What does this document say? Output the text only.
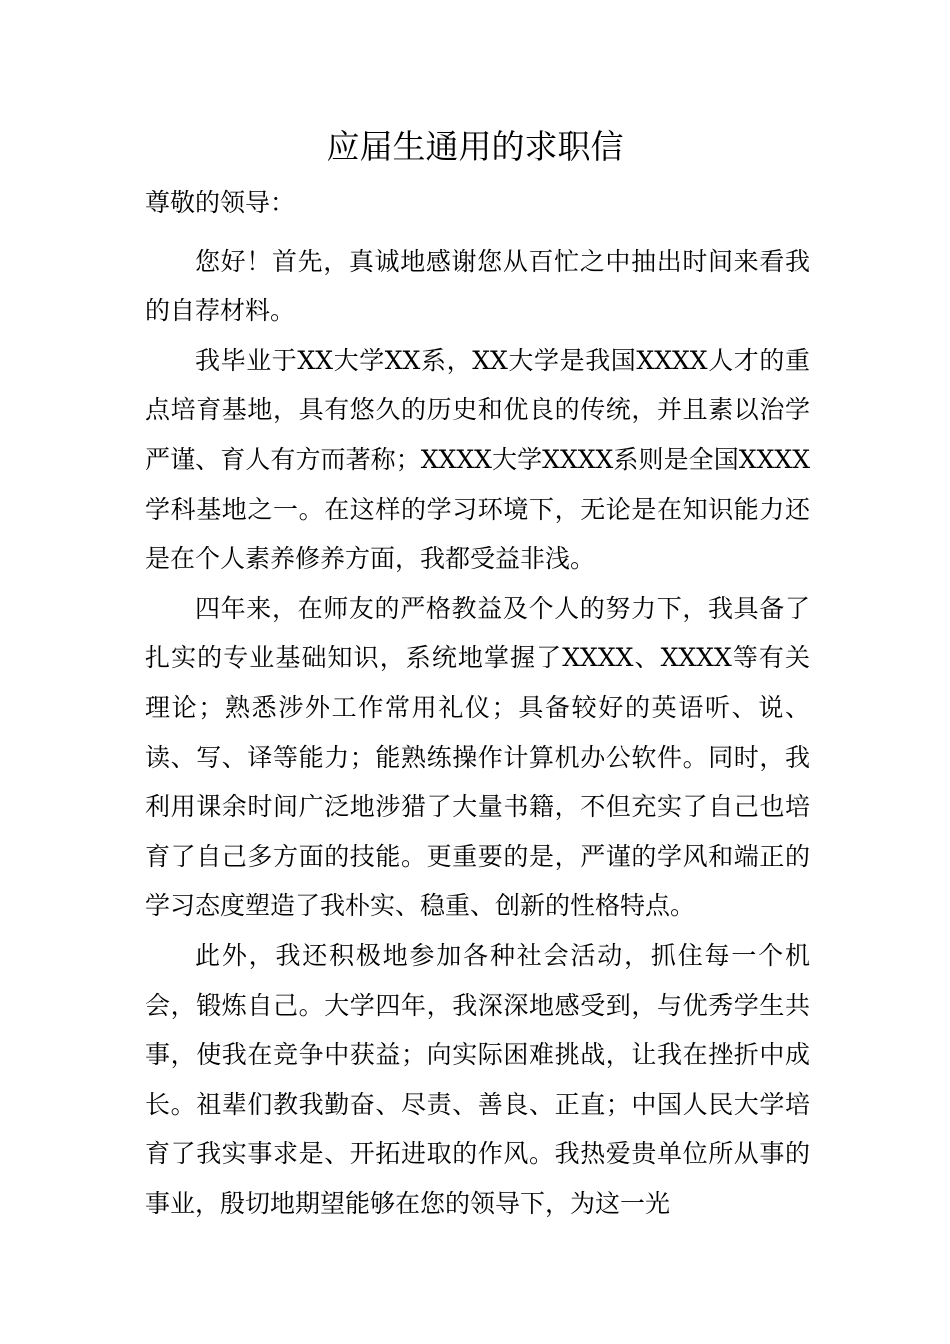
应届生通用的求职信

尊敬的领导：

您好！首先，真诚地感谢您从百忙之中抽出时间来看我的自荐材料。

我毕业于XX大学XX系，XX大学是我国XXXX人才的重点培育基地，具有悠久的历史和优良的传统，并且素以治学严谨、育人有方而著称；XXXX大学XXXX系则是全国XXXX学科基地之一。在这样的学习环境下，无论是在知识能力还是在个人素养修养方面，我都受益非浅。

四年来，在师友的严格教益及个人的努力下，我具备了扎实的专业基础知识，系统地掌握了XXXX、XXXX等有关理论；熟悉涉外工作常用礼仪；具备较好的英语听、说、读、写、译等能力；能熟练操作计算机办公软件。同时，我利用课余时间广泛地涉猎了大量书籍，不但充实了自己也培育了自己多方面的技能。更重要的是，严谨的学风和端正的学习态度塑造了我朴实、稳重、创新的性格特点。

此外，我还积极地参加各种社会活动，抓住每一个机会，锻炼自己。大学四年，我深深地感受到，与优秀学生共事，使我在竞争中获益；向实际困难挑战，让我在挫折中成长。祖辈们教我勤奋、尽责、善良、正直；中国人民大学培育了我实事求是、开拓进取的作风。我热爱贵单位所从事的事业，殷切地期望能够在您的领导下，为这一光
